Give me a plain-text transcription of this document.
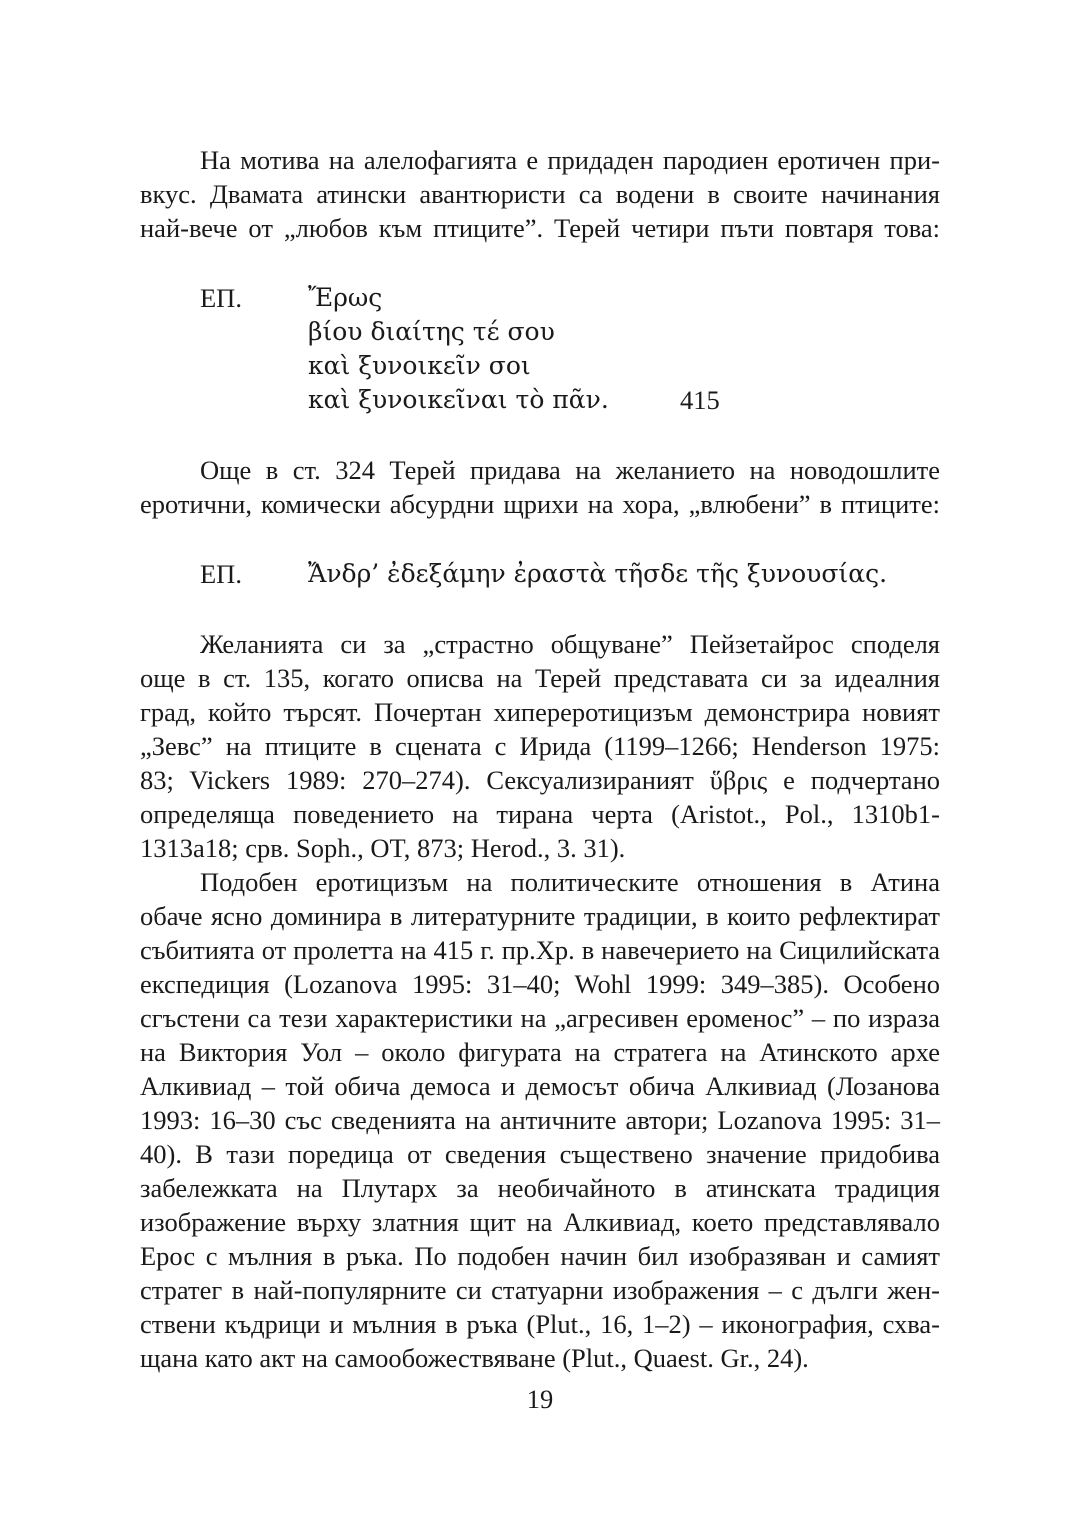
На мотива на алелофагията е придаден пародиен еротичен при-
вкус. Двамата атински авантюристи са водени в своите начинания
най-вече от „любов към птиците”. Терей четири пъти повтаря това:
ЕП.	Ἔρως
βίου διαίτης τέ σου
καὶ ξυνοικεῖν σοι
καὶ ξυνοικεῖναι τὸ πᾶν.	415
Още в ст. 324 Терей придава на желанието на новодошлите
еротични, комически абсурдни щрихи на хора, „влюбени” в птиците:
ЕП.	Ἄνδρ’ ἐδεξάμην ἐραστὰ τῆσδε τῆς ξυνουσίας.
Желанията си за „страстно общуване” Пейзетайрос споделя
още в ст. 135, когато описва на Терей представата си за идеалния
град, който търсят. Почертан хипереротицизъм демонстрира новият
„Зевс” на птиците в сцената с Ирида (1199–1266; Henderson 1975:
83; Vickers 1989: 270–274). Сексуализираният ὕβρις е подчертано
определяща поведението на тирана черта (Aristot., Pol., 1310b1-
1313a18; срв. Soph., OT, 873; Herod., 3. 31).
Подобен еротицизъм на политическите отношения в Атина
обаче ясно доминира в литературните традиции, в които рефлектират
събитията от пролетта на 415 г. пр.Хр. в навечерието на Сицилийската
експедиция (Lozanova 1995: 31–40; Wohl 1999: 349–385). Особено
сгъстени са тези характеристики на „агресивен ероменос” – по израза
на Виктория Уол – около фигурата на стратега на Атинското архе
Алкивиад – той обича демоса и демосът обича Алкивиад (Лозанова
1993: 16–30 със сведенията на античните автори; Lozanova 1995: 31–
40). В тази поредица от сведения съществено значение придобива
забележката на Плутарх за необичайното в атинската традиция
изображение върху златния щит на Алкивиад, което представлявало
Ерос с мълния в ръка. По подобен начин бил изобразяван и самият
стратег в най-популярните си статуарни изображения – с дълги жен-
ствени къдрици и мълния в ръка (Plut., 16, 1–2) – иконография, схва-
щана като акт на самообожествяване (Plut., Quaest. Gr., 24).
19
